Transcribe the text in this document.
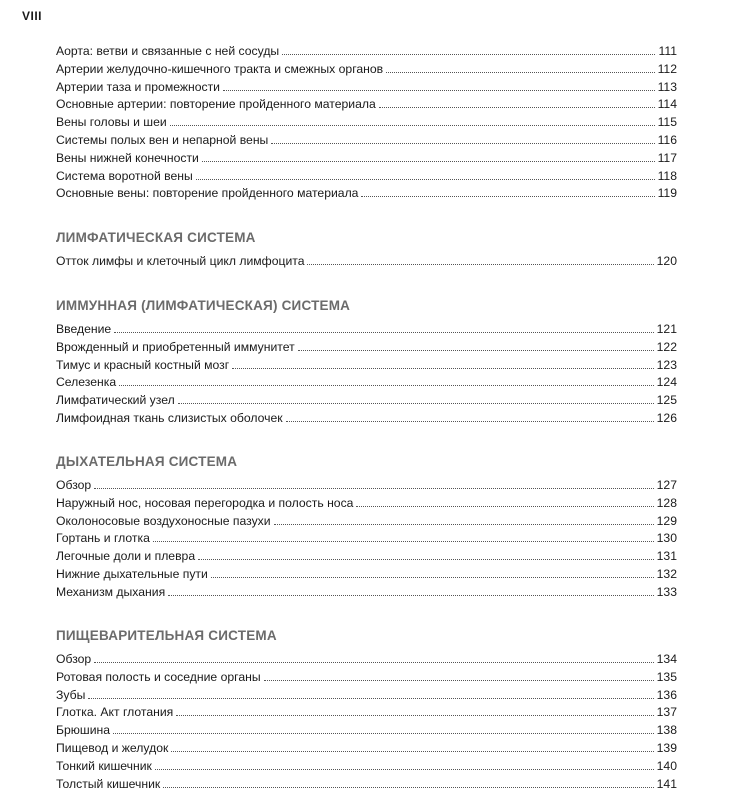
VIII
Аорта: ветви и связанные с ней сосуды	111
Артерии желудочно-кишечного тракта и смежных органов	112
Артерии таза и промежности	113
Основные артерии: повторение пройденного материала	114
Вены головы и шеи	115
Системы полых вен и непарной вены	116
Вены нижней конечности	117
Система воротной вены	118
Основные вены: повторение пройденного материала	119
ЛИМФАТИЧЕСКАЯ СИСТЕМА
Отток лимфы и клеточный цикл лимфоцита	120
ИММУННАЯ (ЛИМФАТИЧЕСКАЯ) СИСТЕМА
Введение	121
Врожденный и приобретенный иммунитет	122
Тимус и красный костный мозг	123
Селезенка	124
Лимфатический узел	125
Лимфоидная ткань слизистых оболочек	126
ДЫХАТЕЛЬНАЯ СИСТЕМА
Обзор	127
Наружный нос, носовая перегородка и полость носа	128
Околоносовые воздухоносные пазухи	129
Гортань и глотка	130
Легочные доли и плевра	131
Нижние дыхательные пути	132
Механизм дыхания	133
ПИЩЕВАРИТЕЛЬНАЯ СИСТЕМА
Обзор	134
Ротовая полость и соседние органы	135
Зубы	136
Глотка. Акт глотания	137
Брюшина	138
Пищевод и желудок	139
Тонкий кишечник	140
Толстый кишечник	141
